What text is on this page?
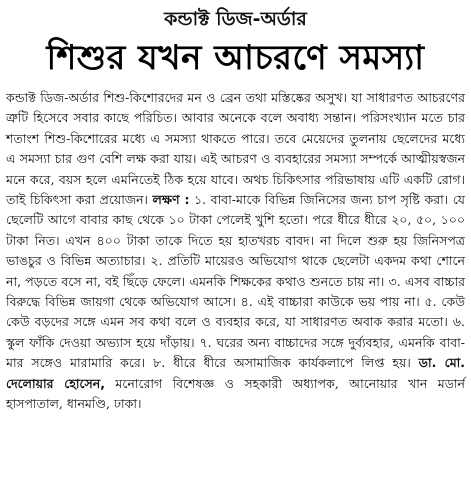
কন্ডাক্ট ডিজ-অর্ডার
শিশুর যখন আচরণে সমস্যা

কন্ডাক্ট ডিজ-অর্ডার শিশু-কিশোরদের মন ও ব্রেন তথা মস্তিষ্কের অসুখ। যা সাধারণত আচরণের ত্রুটি হিসেবে সবার কাছে পরিচিত। আবার অনেকে বলে অবাধ্য সন্তান। পরিসংখ্যান মতে চার শতাংশ শিশু-কিশোরের মধ্যে এ সমস্যা থাকতে পারে। তবে মেয়েদের তুলনায় ছেলেদের মধ্যে এ সমস্যা চার গুণ বেশি লক্ষ করা যায়। এই আচরণ ও ব্যবহারের সমস্যা সম্পর্কে আত্মীয়স্বজন মনে করে, বয়স হলে এমনিতেই ঠিক হয়ে যাবে। অথচ চিকিৎসার পরিভাষায় এটি একটি রোগ। তাই চিকিৎসা করা প্রয়োজন। লক্ষণ : ১. বাবা-মাকে বিভিন্ন জিনিসের জন্য চাপ সৃষ্টি করা। যে ছেলেটি আগে বাবার কাছ থেকে ১০ টাকা পেলেই খুশি হতো। পরে ধীরে ধীরে ২০, ৫০, ১০০ টাকা নিত। এখন ৪০০ টাকা তাকে দিতে হয় হাতখরচ বাবদ। না দিলে শুরু হয় জিনিসপত্র ভাঙচুর ও বিভিন্ন অত্যাচার। ২. প্রতিটি মায়েরও অভিযোগ থাকে ছেলেটা একদম কথা শোনে না, পড়তে বসে না, বই ছিঁড়ে ফেলে। এমনকি শিক্ষকের কথাও শুনতে চায় না। ৩. এসব বাচ্চার বিরুদ্ধে বিভিন্ন জায়গা থেকে অভিযোগ আসে। ৪. এই বাচ্চারা কাউকে ভয় পায় না। ৫. কেউ কেউ বড়দের সঙ্গে এমন সব কথা বলে ও ব্যবহার করে, যা সাধারণত অবাক করার মতো। ৬. স্কুল ফাঁকি দেওয়া অভ্যাস হয়ে দাঁড়ায়। ৭. ঘরের অন্য বাচ্চাদের সঙ্গে দুর্ব্যবহার, এমনকি বাবা-মার সঙ্গেও মারামারি করে। ৮. ধীরে ধীরে অসামাজিক কার্যকলাপে লিপ্ত হয়। ডা. মো. দেলোয়ার হোসেন, মনোরোগ বিশেষজ্ঞ ও সহকারী অধ্যাপক, আনোয়ার খান মডার্ন হাসপাতাল, ধানমণ্ডি, ঢাকা।
